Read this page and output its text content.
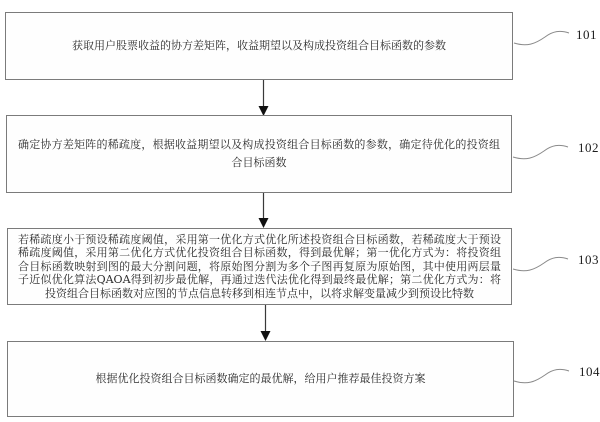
获取用户股票收益的协方差矩阵，收益期望以及构成投资组合目标函数的参数
确定协方差矩阵的稀疏度，根据收益期望以及构成投资组合目标函数的参数，确定待优化的投资组合目标函数
若稀疏度小于预设稀疏度阈值，采用第一优化方式优化所述投资组合目标函数，若稀疏度大于预设稀疏度阈值，采用第二优化方式优化投资组合目标函数，得到最优解；第一优化方式为：将投资组合目标函数映射到图的最大分割问题，将原始图分割为多个子图再复原为原始图，其中使用两层量子近似优化算法QAOA得到初步最优解，再通过迭代法优化得到最终最优解；第二优化方式为：将投资组合目标函数对应图的节点信息转移到相连节点中，以将求解变量减少到预设比特数
根据优化投资组合目标函数确定的最优解，给用户推荐最佳投资方案
101
102
103
104
